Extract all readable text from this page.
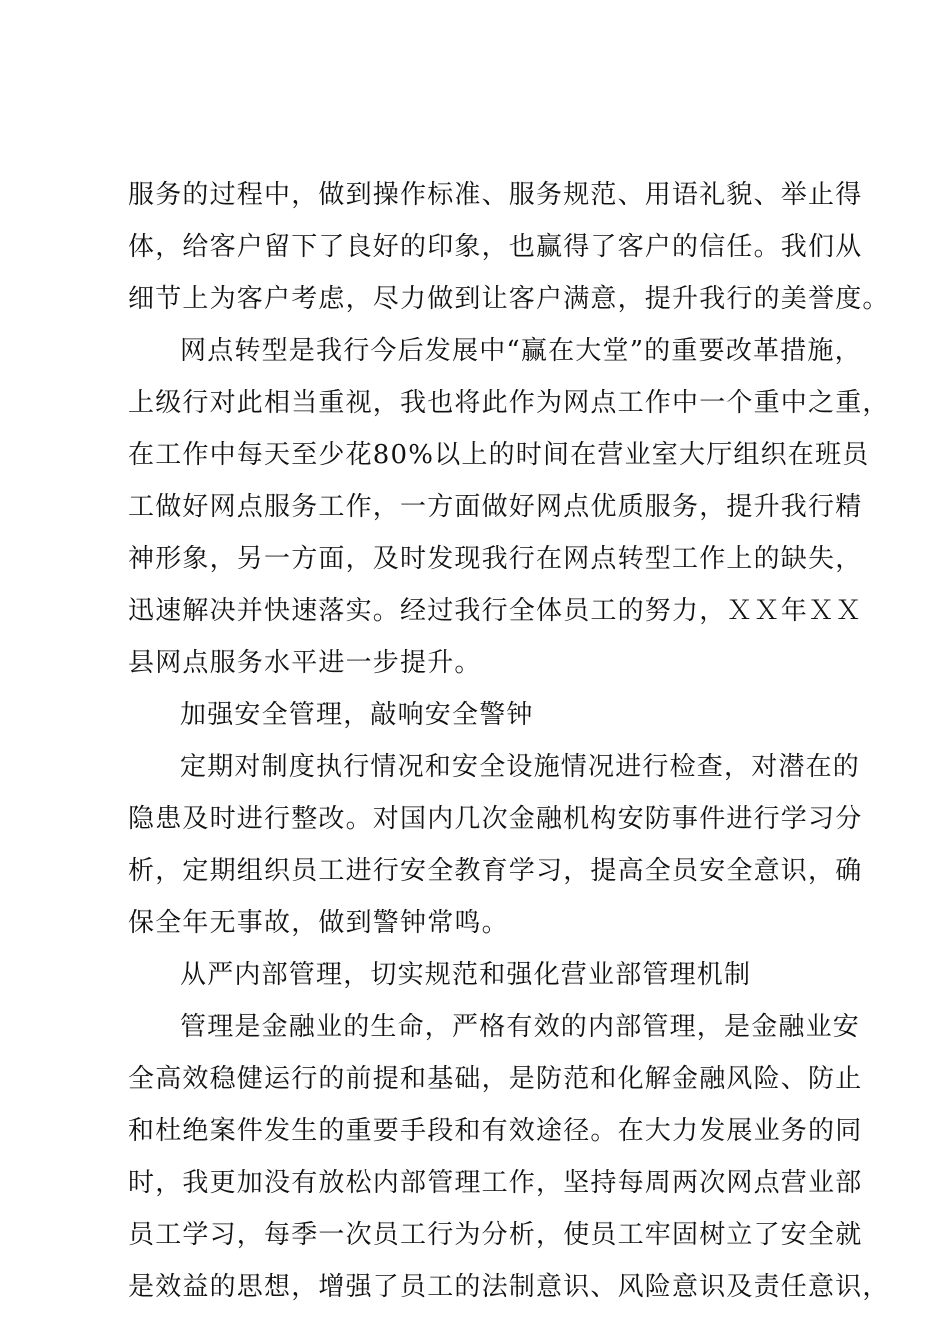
服务的过程中，做到操作标准、服务规范、用语礼貌、举止得
体，给客户留下了良好的印象，也赢得了客户的信任。我们从
细节上为客户考虑，尽力做到让客户满意，提升我行的美誉度。
网点转型是我行今后发展中“赢在大堂”的重要改革措施，
上级行对此相当重视，我也将此作为网点工作中一个重中之重，
在工作中每天至少花80%以上的时间在营业室大厅组织在班员
工做好网点服务工作，一方面做好网点优质服务，提升我行精
神形象，另一方面，及时发现我行在网点转型工作上的缺失，
迅速解决并快速落实。经过我行全体员工的努力，ＸＸ年ＸＸ
县网点服务水平进一步提升。
加强安全管理，敲响安全警钟
定期对制度执行情况和安全设施情况进行检查，对潜在的
隐患及时进行整改。对国内几次金融机构安防事件进行学习分
析，定期组织员工进行安全教育学习，提高全员安全意识，确
保全年无事故，做到警钟常鸣。
从严内部管理，切实规范和强化营业部管理机制
管理是金融业的生命，严格有效的内部管理，是金融业安
全高效稳健运行的前提和基础，是防范和化解金融风险、防止
和杜绝案件发生的重要手段和有效途径。在大力发展业务的同
时，我更加没有放松内部管理工作，坚持每周两次网点营业部
员工学习，每季一次员工行为分析，使员工牢固树立了安全就
是效益的思想，增强了员工的法制意识、风险意识及责任意识，
